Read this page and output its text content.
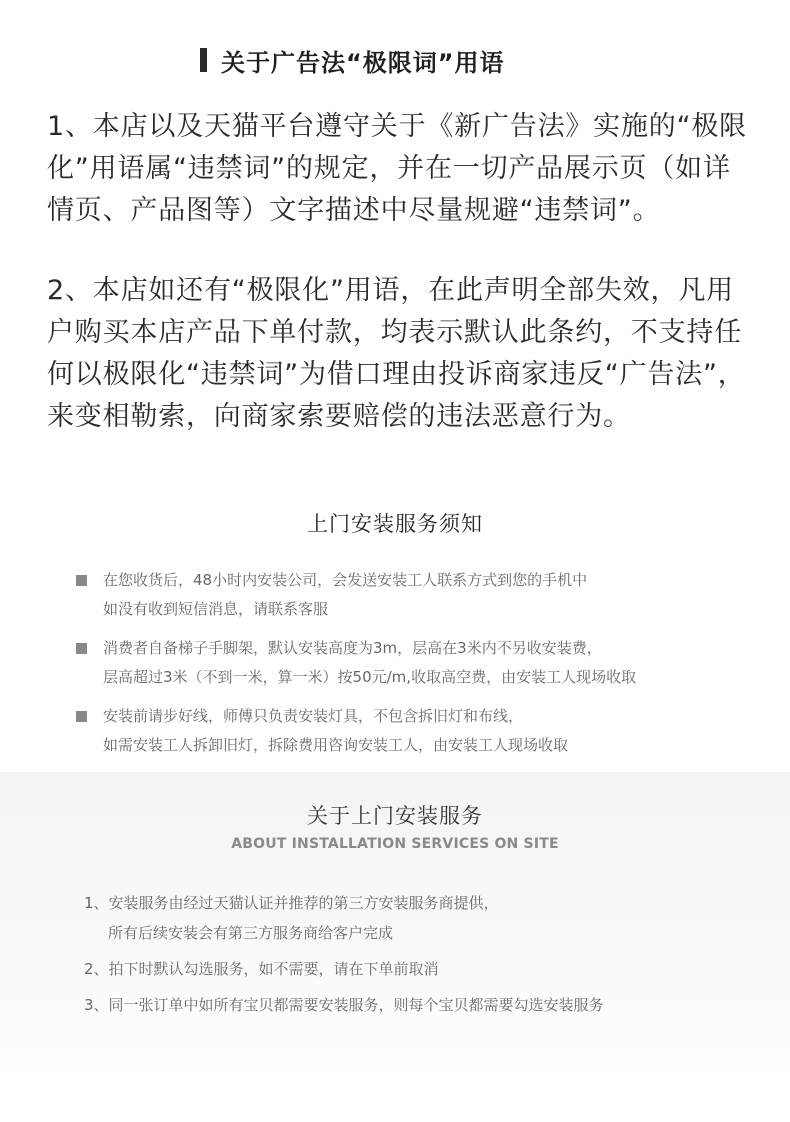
关于广告法“极限词”用语
1、本店以及天猫平台遵守关于《新广告法》实施的“极限化”用语属“违禁词”的规定，并在一切产品展示页（如详情页、产品图等）文字描述中尽量规避“违禁词”。
2、本店如还有“极限化”用语，在此声明全部失效，凡用户购买本店产品下单付款，均表示默认此条约，不支持任何以极限化“违禁词”为借口理由投诉商家违反“广告法”，来变相勒索，向商家索要赔偿的违法恶意行为。
上门安装服务须知
在您收货后，48小时内安装公司，会发送安装工人联系方式到您的手机中
如没有收到短信消息，请联系客服
消费者自备梯子手脚架，默认安装高度为3m，层高在3米内不另收安装费，
层高超过3米（不到一米，算一米）按50元/m,收取高空费，由安装工人现场收取
安装前请步好线，师傅只负责安装灯具，不包含拆旧灯和布线，
如需安装工人拆卸旧灯，拆除费用咨询安装工人，由安装工人现场收取
关于上门安装服务
ABOUT INSTALLATION SERVICES ON SITE
1、安装服务由经过天猫认证并推荐的第三方安装服务商提供，
所有后续安装会有第三方服务商给客户完成
2、拍下时默认勾选服务，如不需要，请在下单前取消
3、同一张订单中如所有宝贝都需要安装服务，则每个宝贝都需要勾选安装服务
